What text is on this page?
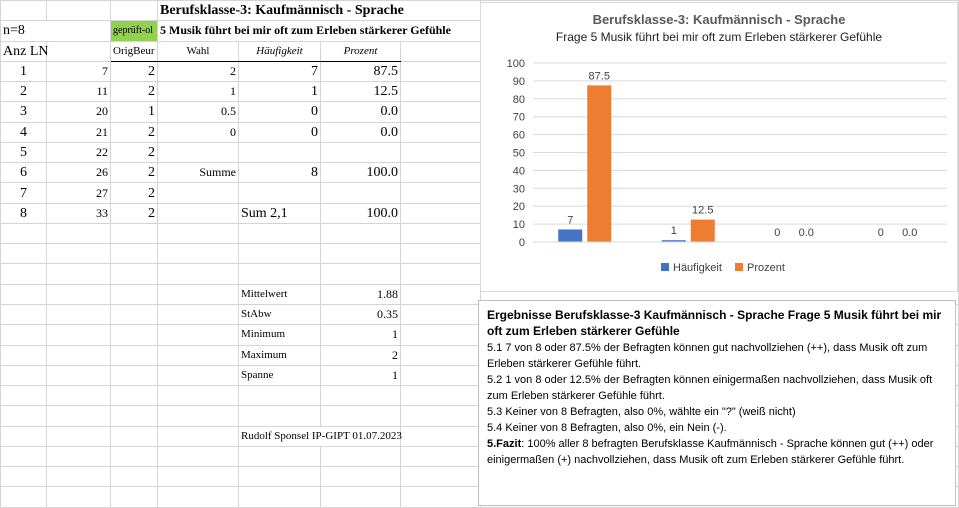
			Berufsklasse-3: Kaufmännisch - Sprache				
n=8		geprüft-ol	5 Musik führt bei mir oft zum Erleben stärkerer Gefühle				
Anz LN		OrigBeur	Wahl	Häufigkeit	Prozent		
1	7	2	2	7	87.5		
2	11	2	1	1	12.5		
3	20	1	0.5	0	0.0		
4	21	2	0	0	0.0		
5	22	2					
6	26	2	Summe	8	100.0		
7	27	2					
8	33	2		Sum 2,1	100.0		

				Mittelwert	1.88		
				StAbw	0.35		
				Minimum	1		
				Maximum	2		
				Spanne	1		

				Rudolf Sponsel IP-GIPT 01.07.2023			

Berufsklasse-3: Kaufmännisch - Sprache
Frage 5 Musik führt bei mir oft zum Erleben stärkerer Gefühle
0
10
20
30
40
50
60
70
80
90
100
7
1	0	0
87.5
12.5
0.0	0.0
Häufigkeit Prozent
Ergebnisse Berufsklasse-3 Kaufmännisch - Sprache Frage 5 Musik führt bei mir oft zum Erleben stärkerer Gefühle

5.1 7 von 8 oder 87.5% der Befragten können gut nachvollziehen (++), dass Musik oft zum Erleben stärkerer Gefühle führt.

5.2 1 von 8 oder 12.5% der Befragten können einigermaßen nachvollziehen, dass Musik oft zum Erleben stärkerer Gefühle führt.

5.3 Keiner von 8 Befragten, also 0%, wählte ein "?" (weiß nicht)

5.4 Keiner von 8 Befragten, also 0%, ein Nein (-).

5.Fazit: 100% aller 8 befragten Berufsklasse Kaufmännisch - Sprache können gut (++) oder einigermaßen (+) nachvollziehen, dass Musik oft zum Erleben stärkerer Gefühle führt.
